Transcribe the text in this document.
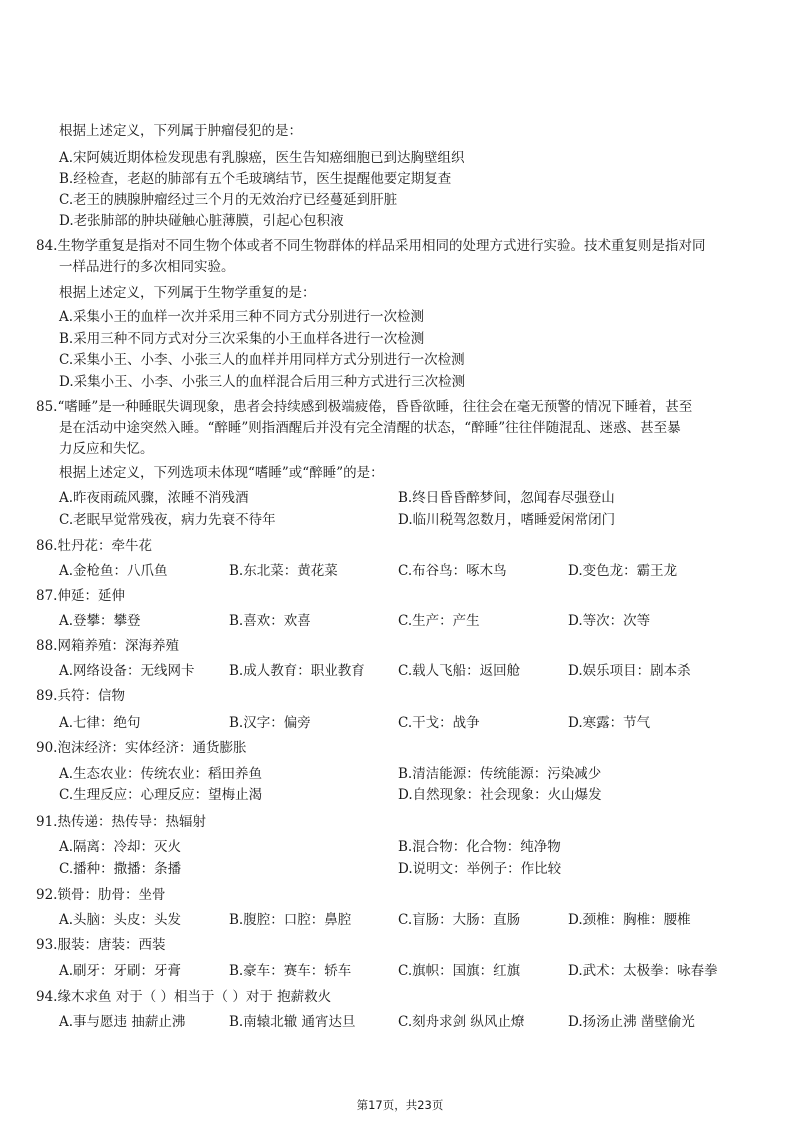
根据上述定义，下列属于肿瘤侵犯的是：
A.宋阿姨近期体检发现患有乳腺癌，医生告知癌细胞已到达胸壁组织
B.经检查，老赵的肺部有五个毛玻璃结节，医生提醒他要定期复查
C.老王的胰腺肿瘤经过三个月的无效治疗已经蔓延到肝脏
D.老张肺部的肿块碰触心脏薄膜，引起心包积液
84.生物学重复是指对不同生物个体或者不同生物群体的样品采用相同的处理方式进行实验。技术重复则是指对同
一样品进行的多次相同实验。
根据上述定义，下列属于生物学重复的是：
A.采集小王的血样一次并采用三种不同方式分别进行一次检测
B.采用三种不同方式对分三次采集的小王血样各进行一次检测
C.采集小王、小李、小张三人的血样并用同样方式分别进行一次检测
D.采集小王、小李、小张三人的血样混合后用三种方式进行三次检测
85.“嗜睡”是一种睡眠失调现象，患者会持续感到极端疲倦，昏昏欲睡，往往会在毫无预警的情况下睡着，甚至
是在活动中途突然入睡。“醉睡”则指酒醒后并没有完全清醒的状态，“醉睡”往往伴随混乱、迷惑、甚至暴
力反应和失忆。
根据上述定义，下列选项未体现“嗜睡”或“醉睡”的是：
A.昨夜雨疏风骤，浓睡不消残酒	B.终日昏昏醉梦间，忽闻春尽强登山
C.老眠早觉常残夜，病力先衰不待年	D.临川税驾忽数月，嗜睡爱闲常闭门
86.牡丹花：牵牛花
A.金枪鱼：八爪鱼	B.东北菜：黄花菜	C.布谷鸟：啄木鸟	D.变色龙：霸王龙
87.伸延：延伸
A.登攀：攀登	B.喜欢：欢喜	C.生产：产生	D.等次：次等
88.网箱养殖：深海养殖
A.网络设备：无线网卡	B.成人教育：职业教育 C.载人飞船：返回舱	D.娱乐项目：剧本杀
89.兵符：信物
A.七律：绝句	B.汉字：偏旁	C.干戈：战争	D.寒露：节气
90.泡沫经济：实体经济：通货膨胀
A.生态农业：传统农业：稻田养鱼	B.清洁能源：传统能源：污染减少
C.生理反应：心理反应：望梅止渴	D.自然现象：社会现象：火山爆发
91.热传递：热传导：热辐射
A.隔离：冷却：灭火	B.混合物：化合物：纯净物
C.播种：撒播：条播	D.说明文：举例子：作比较
92.锁骨：肋骨：坐骨
A.头脑：头皮：头发	B.腹腔：口腔：鼻腔	C.盲肠：大肠：直肠	D.颈椎：胸椎：腰椎
93.服装：唐装：西装
A.刷牙：牙刷：牙膏	B.豪车：赛车：轿车	C.旗帜：国旗：红旗	D.武术：太极拳：咏春拳
94.缘木求鱼 对于（ ）相当于（ ）对于 抱薪救火
A.事与愿违 抽薪止沸	B.南辕北辙 通宵达旦	C.刻舟求剑 纵风止燎	D.扬汤止沸 凿壁偷光
第17页，共23页
